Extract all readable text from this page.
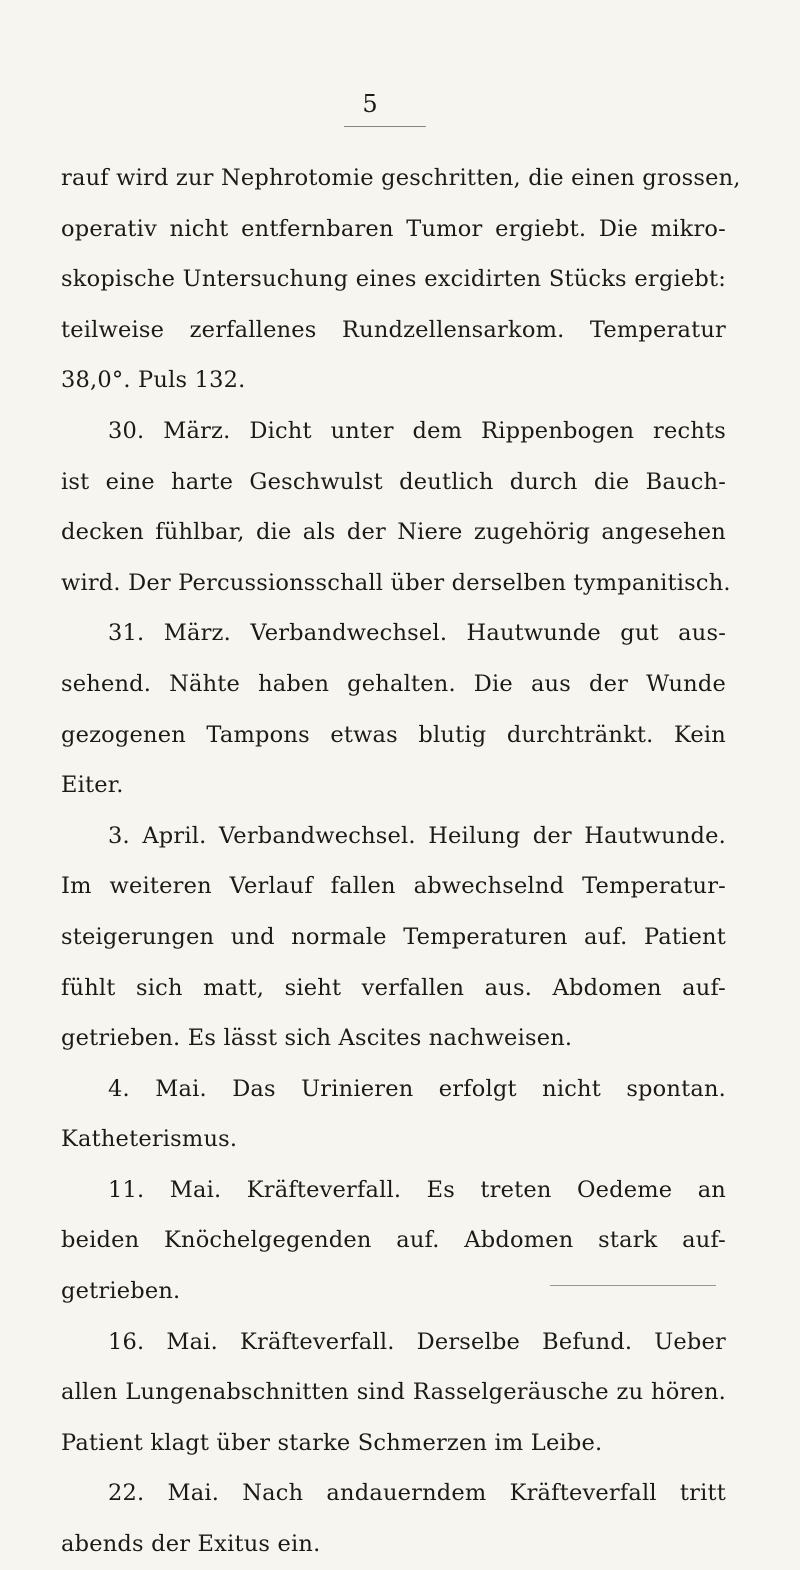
5
rauf wird zur Nephrotomie geschritten, die einen grossen,
operativ nicht entfernbaren Tumor ergiebt. Die mikro-
skopische Untersuchung eines excidirten Stücks ergiebt:
teilweise zerfallenes Rundzellensarkom. Temperatur
38,0°. Puls 132.
30. März. Dicht unter dem Rippenbogen rechts
ist eine harte Geschwulst deutlich durch die Bauch-
decken fühlbar, die als der Niere zugehörig angesehen
wird. Der Percussionsschall über derselben tympanitisch.
31. März. Verbandwechsel. Hautwunde gut aus-
sehend. Nähte haben gehalten. Die aus der Wunde
gezogenen Tampons etwas blutig durchtränkt. Kein
Eiter.
3. April. Verbandwechsel. Heilung der Hautwunde.
Im weiteren Verlauf fallen abwechselnd Temperatur-
steigerungen und normale Temperaturen auf. Patient
fühlt sich matt, sieht verfallen aus. Abdomen auf-
getrieben. Es lässt sich Ascites nachweisen.
4. Mai. Das Urinieren erfolgt nicht spontan.
Katheterismus.
11. Mai. Kräfteverfall. Es treten Oedeme an
beiden Knöchelgegenden auf. Abdomen stark auf-
getrieben.
16. Mai. Kräfteverfall. Derselbe Befund. Ueber
allen Lungenabschnitten sind Rasselgeräusche zu hören.
Patient klagt über starke Schmerzen im Leibe.
22. Mai. Nach andauerndem Kräfteverfall tritt
abends der Exitus ein.
